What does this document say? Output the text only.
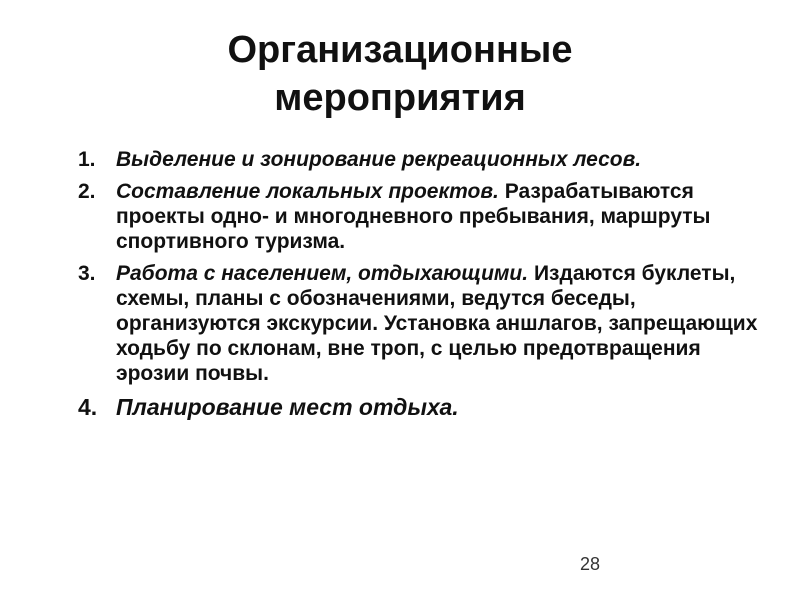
Организационные
мероприятия
1. Выделение и зонирование рекреационных лесов.
2. Составление локальных проектов. Разрабатываются проекты одно- и многодневного пребывания, маршруты спортивного туризма.
3. Работа с населением, отдыхающими. Издаются буклеты, схемы, планы с обозначениями, ведутся беседы, организуются экскурсии. Установка аншлагов, запрещающих ходьбу по склонам, вне троп, с целью предотвращения эрозии почвы.
4. Планирование мест отдыха.
28
